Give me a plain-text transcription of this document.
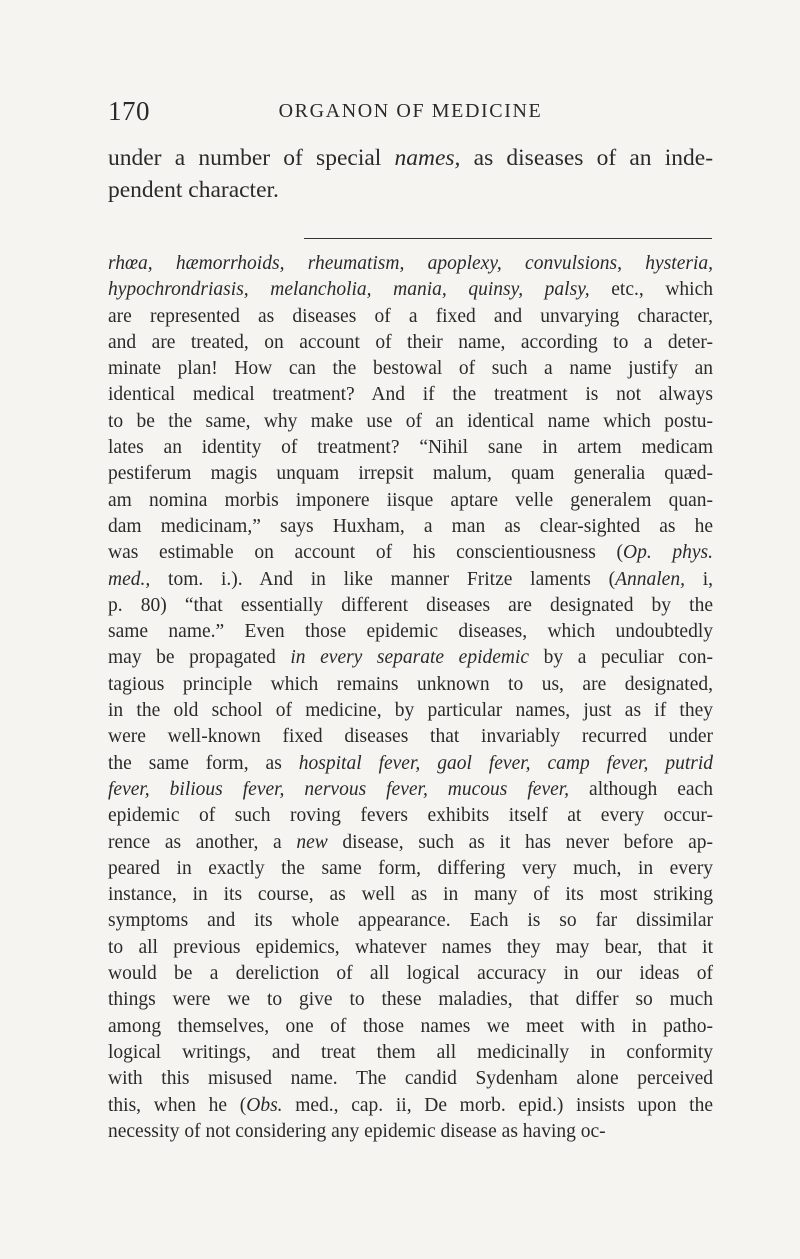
170	ORGANON OF MEDICINE
under a number of special names, as diseases of an inde-
pendent character.
rhœa, hæmorrhoids, rheumatism, apoplexy, convulsions, hysteria,
hypochrondriasis, melancholia, mania, quinsy, palsy, etc., which
are represented as diseases of a fixed and unvarying character,
and are treated, on account of their name, according to a deter-
minate plan! How can the bestowal of such a name justify an
identical medical treatment? And if the treatment is not always
to be the same, why make use of an identical name which postu-
lates an identity of treatment? “Nihil sane in artem medicam
pestiferum magis unquam irrepsit malum, quam generalia quæd-
am nomina morbis imponere iisque aptare velle generalem quan-
dam medicinam,” says Huxham, a man as clear-sighted as he
was estimable on account of his conscientiousness (Op. phys.
med., tom. i.). And in like manner Fritze laments (Annalen, i,
p. 80) “that essentially different diseases are designated by the
same name.” Even those epidemic diseases, which undoubtedly
may be propagated in every separate epidemic by a peculiar con-
tagious principle which remains unknown to us, are designated,
in the old school of medicine, by particular names, just as if they
were well-known fixed diseases that invariably recurred under
the same form, as hospital fever, gaol fever, camp fever, putrid
fever, bilious fever, nervous fever, mucous fever, although each
epidemic of such roving fevers exhibits itself at every occur-
rence as another, a new disease, such as it has never before ap-
peared in exactly the same form, differing very much, in every
instance, in its course, as well as in many of its most striking
symptoms and its whole appearance. Each is so far dissimilar
to all previous epidemics, whatever names they may bear, that it
would be a dereliction of all logical accuracy in our ideas of
things were we to give to these maladies, that differ so much
among themselves, one of those names we meet with in patho-
logical writings, and treat them all medicinally in conformity
with this misused name. The candid Sydenham alone perceived
this, when he (Obs. med., cap. ii, De morb. epid.) insists upon the
necessity of not considering any epidemic disease as having oc-
